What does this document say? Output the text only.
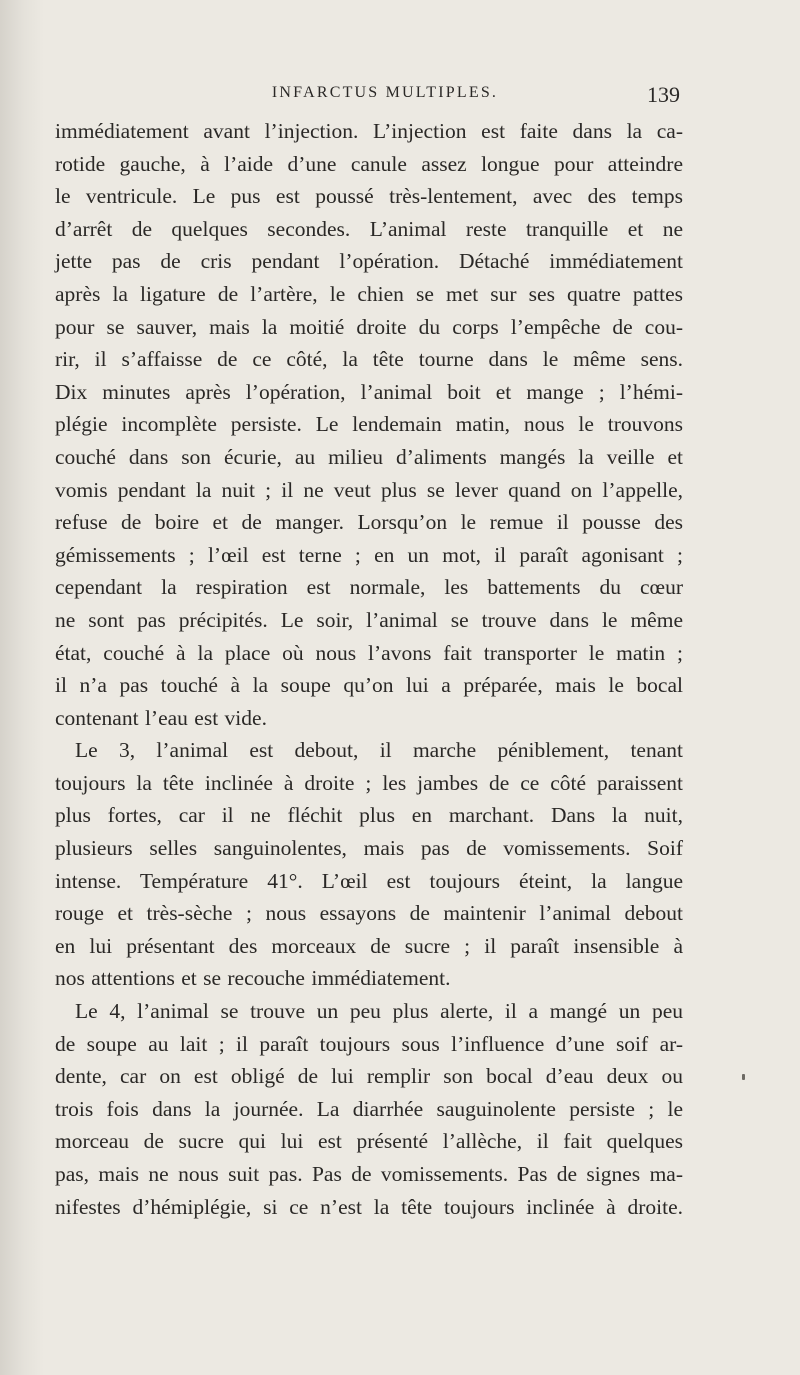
INFARCTUS MULTIPLES.	139
immédiatement avant l’injection. L’injection est faite dans la ca-
rotide gauche, à l’aide d’une canule assez longue pour atteindre
le ventricule. Le pus est poussé très-lentement, avec des temps
d’arrêt de quelques secondes. L’animal reste tranquille et ne
jette pas de cris pendant l’opération. Détaché immédiatement
après la ligature de l’artère, le chien se met sur ses quatre pattes
pour se sauver, mais la moitié droite du corps l’empêche de cou-
rir, il s’affaisse de ce côté, la tête tourne dans le même sens.
Dix minutes après l’opération, l’animal boit et mange ; l’hémi-
plégie incomplète persiste. Le lendemain matin, nous le trouvons
couché dans son écurie, au milieu d’aliments mangés la veille et
vomis pendant la nuit ; il ne veut plus se lever quand on l’appelle,
refuse de boire et de manger. Lorsqu’on le remue il pousse des
gémissements ; l’œil est terne ; en un mot, il paraît agonisant ;
cependant la respiration est normale, les battements du cœur
ne sont pas précipités. Le soir, l’animal se trouve dans le même
état, couché à la place où nous l’avons fait transporter le matin ;
il n’a pas touché à la soupe qu’on lui a préparée, mais le bocal
contenant l’eau est vide.
Le 3, l’animal est debout, il marche péniblement, tenant
toujours la tête inclinée à droite ; les jambes de ce côté paraissent
plus fortes, car il ne fléchit plus en marchant. Dans la nuit,
plusieurs selles sanguinolentes, mais pas de vomissements. Soif
intense. Température 41°. L’œil est toujours éteint, la langue
rouge et très-sèche ; nous essayons de maintenir l’animal debout
en lui présentant des morceaux de sucre ; il paraît insensible à
nos attentions et se recouche immédiatement.
Le 4, l’animal se trouve un peu plus alerte, il a mangé un peu
de soupe au lait ; il paraît toujours sous l’influence d’une soif ar-
dente, car on est obligé de lui remplir son bocal d’eau deux ou
trois fois dans la journée. La diarrhée sauguinolente persiste ; le
morceau de sucre qui lui est présenté l’allèche, il fait quelques
pas, mais ne nous suit pas. Pas de vomissements. Pas de signes ma-
nifestes d’hémiplégie, si ce n’est la tête toujours inclinée à droite.
